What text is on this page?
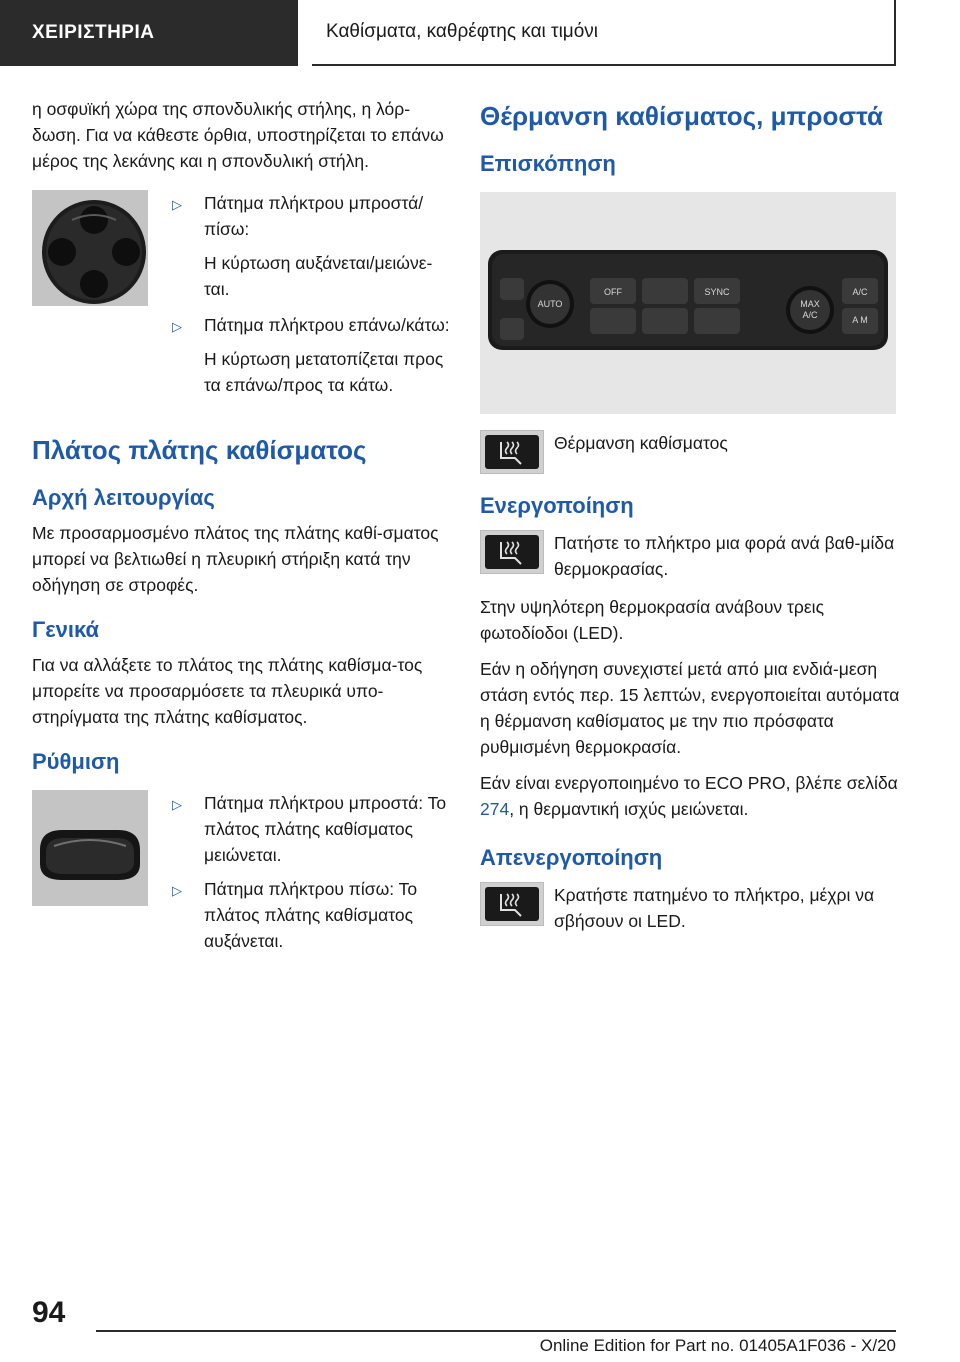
ΧΕΙΡΙΣΤΗΡΙΑ	Καθίσματα, καθρέφτης και τιμόνι

η οσφυϊκή χώρα της σπονδυλικής στήλης, η λόρ-δωση. Για να κάθεστε όρθια, υποστηρίζεται το επάνω μέρος της λεκάνης και η σπονδυλική στήλη.

▷	Πάτημα πλήκτρου μπροστά/πίσω:
Η κύρτωση αυξάνεται/μειώνε-ται.
▷	Πάτημα πλήκτρου επάνω/κάτω:
Η κύρτωση μετατοπίζεται προς τα επάνω/προς τα κάτω.
Πλάτος πλάτης καθίσματος
Αρχή λειτουργίας

Με προσαρμοσμένο πλάτος της πλάτης καθί-σματος μπορεί να βελτιωθεί η πλευρική στήριξη κατά την οδήγηση σε στροφές.

Γενικά

Για να αλλάξετε το πλάτος της πλάτης καθίσμα-τος μπορείτε να προσαρμόσετε τα πλευρικά υπο-στηρίγματα της πλάτης καθίσματος.

Ρύθμιση
▷	Πάτημα πλήκτρου μπροστά: Το πλάτος πλάτης καθίσματος μειώνεται.
▷	Πάτημα πλήκτρου πίσω: Το πλάτος πλάτης καθίσματος αυξάνεται.
Θέρμανση καθίσματος, μπροστά
Επισκόπηση
OFF	SYNC
AUTO
A/C
MAX
A/C	A M
Θέρμανση καθίσματος
Ενεργοποίηση
Πατήστε το πλήκτρο μια φορά ανά βαθ-μίδα θερμοκρασίας.

Στην υψηλότερη θερμοκρασία ανάβουν τρεις φωτοδίοδοι (LED).

Εάν η οδήγηση συνεχιστεί μετά από μια ενδιά-μεση στάση εντός περ. 15 λεπτών, ενεργοποιείται αυτόματα η θέρμανση καθίσματος με την πιο πρόσφατα ρυθμισμένη θερμοκρασία.

Εάν είναι ενεργοποιημένο το ECO PRO, βλέπε σελίδα 274, η θερμαντική ισχύς μειώνεται.

Απενεργοποίηση
Κρατήστε πατημένο το πλήκτρο, μέχρι να σβήσουν οι LED.
94
Online Edition for Part no. 01405A1F036 - X/20
